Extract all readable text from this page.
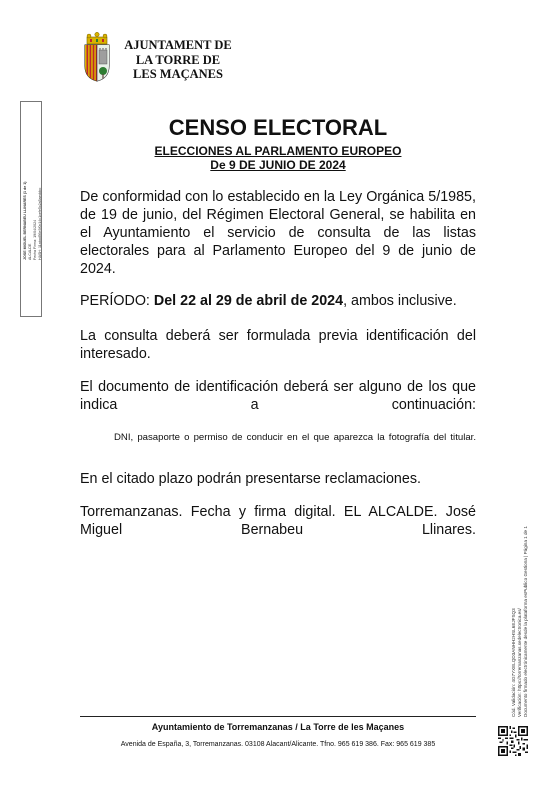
AJUNTAMENT DE
LA TORRE DE
LES MAÇANES
JOSE MIGUEL BERNABEU LLINARES (1 de 1) ALCALDE Fecha Firma: 19/04/2024 HASH: 11abcd56e3f0c14c1cefe5c2a5aeddcc
CENSO ELECTORAL
ELECCIONES AL PARLAMENTO EUROPEO
De 9 DE JUNIO DE 2024
De conformidad con lo establecido en la Ley Orgánica 5/1985, de 19 de junio, del Régimen Electoral General, se habilita en el Ayuntamiento el servicio de consulta de las listas electorales para al Parlamento Europeo del 9 de junio de 2024.
PERÍODO: Del 22 al 29 de abril de 2024, ambos inclusive.
La consulta deberá ser formulada previa identificación del interesado.
El documento de identificación deberá ser alguno de los que indica a continuación:
DNI, pasaporte o permiso de conducir en el que aparezca la fotografía del titular.
En el citado plazo podrán presentarse reclamaciones.
Torremanzanas. Fecha y firma digital. EL ALCALDE. José Miguel Bernabeu Llinares.
Ayuntamiento de Torremanzanas / La Torre de les Maçanes
Avenida de España, 3, Torremanzanas. 03108 Alacant/Alicante. Tfno. 965 619 386. Fax: 965 619 385
Cód. Validación: 4G7YXELQD3ANHH2HSL6EJFSQ3 Verificación: https://torremanzanas.sedelectronica.es/ Documento firmado electrónicamente desde la plataforma esPublico Gestiona | Página 1 de 1
